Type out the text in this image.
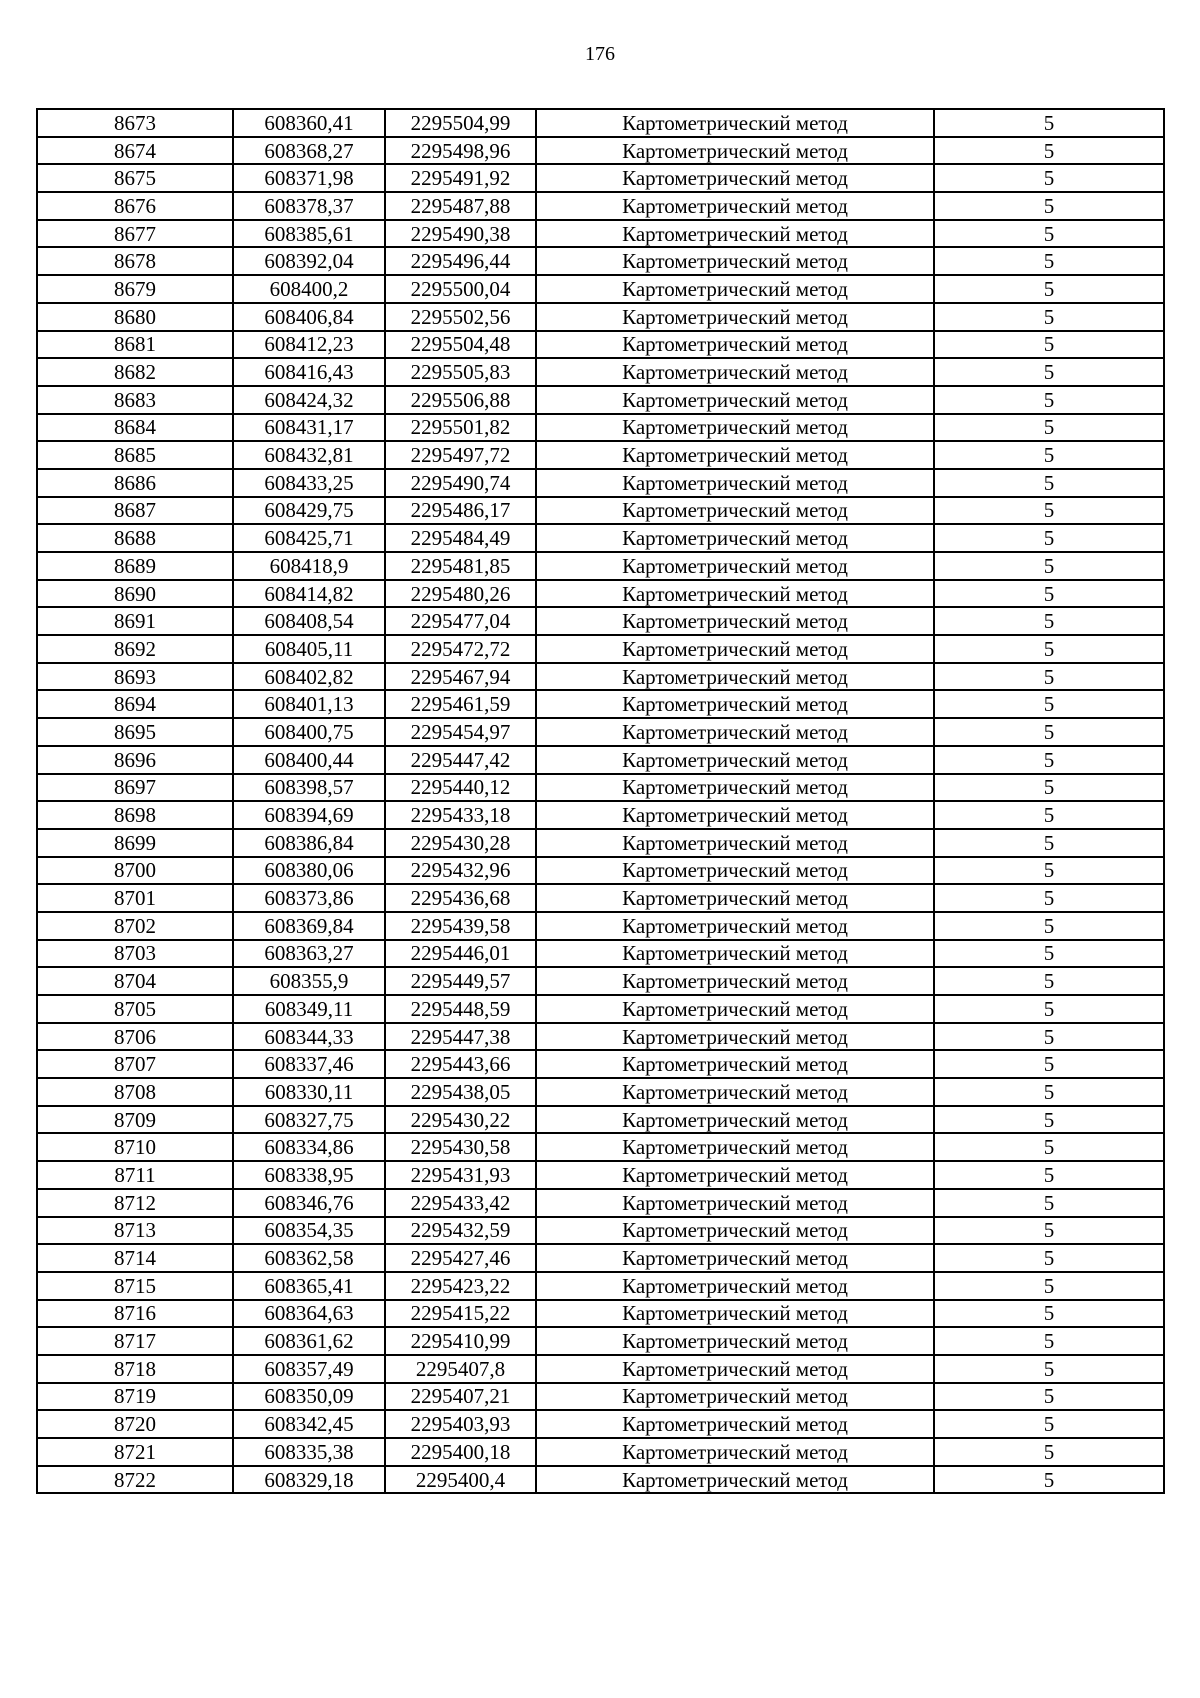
176
8673	608360,41	2295504,99	Картометрический метод	5
8674	608368,27	2295498,96	Картометрический метод	5
8675	608371,98	2295491,92	Картометрический метод	5
8676	608378,37	2295487,88	Картометрический метод	5
8677	608385,61	2295490,38	Картометрический метод	5
8678	608392,04	2295496,44	Картометрический метод	5
8679	608400,2	2295500,04	Картометрический метод	5
8680	608406,84	2295502,56	Картометрический метод	5
8681	608412,23	2295504,48	Картометрический метод	5
8682	608416,43	2295505,83	Картометрический метод	5
8683	608424,32	2295506,88	Картометрический метод	5
8684	608431,17	2295501,82	Картометрический метод	5
8685	608432,81	2295497,72	Картометрический метод	5
8686	608433,25	2295490,74	Картометрический метод	5
8687	608429,75	2295486,17	Картометрический метод	5
8688	608425,71	2295484,49	Картометрический метод	5
8689	608418,9	2295481,85	Картометрический метод	5
8690	608414,82	2295480,26	Картометрический метод	5
8691	608408,54	2295477,04	Картометрический метод	5
8692	608405,11	2295472,72	Картометрический метод	5
8693	608402,82	2295467,94	Картометрический метод	5
8694	608401,13	2295461,59	Картометрический метод	5
8695	608400,75	2295454,97	Картометрический метод	5
8696	608400,44	2295447,42	Картометрический метод	5
8697	608398,57	2295440,12	Картометрический метод	5
8698	608394,69	2295433,18	Картометрический метод	5
8699	608386,84	2295430,28	Картометрический метод	5
8700	608380,06	2295432,96	Картометрический метод	5
8701	608373,86	2295436,68	Картометрический метод	5
8702	608369,84	2295439,58	Картометрический метод	5
8703	608363,27	2295446,01	Картометрический метод	5
8704	608355,9	2295449,57	Картометрический метод	5
8705	608349,11	2295448,59	Картометрический метод	5
8706	608344,33	2295447,38	Картометрический метод	5
8707	608337,46	2295443,66	Картометрический метод	5
8708	608330,11	2295438,05	Картометрический метод	5
8709	608327,75	2295430,22	Картометрический метод	5
8710	608334,86	2295430,58	Картометрический метод	5
8711	608338,95	2295431,93	Картометрический метод	5
8712	608346,76	2295433,42	Картометрический метод	5
8713	608354,35	2295432,59	Картометрический метод	5
8714	608362,58	2295427,46	Картометрический метод	5
8715	608365,41	2295423,22	Картометрический метод	5
8716	608364,63	2295415,22	Картометрический метод	5
8717	608361,62	2295410,99	Картометрический метод	5
8718	608357,49	2295407,8	Картометрический метод	5
8719	608350,09	2295407,21	Картометрический метод	5
8720	608342,45	2295403,93	Картометрический метод	5
8721	608335,38	2295400,18	Картометрический метод	5
8722	608329,18	2295400,4	Картометрический метод	5
